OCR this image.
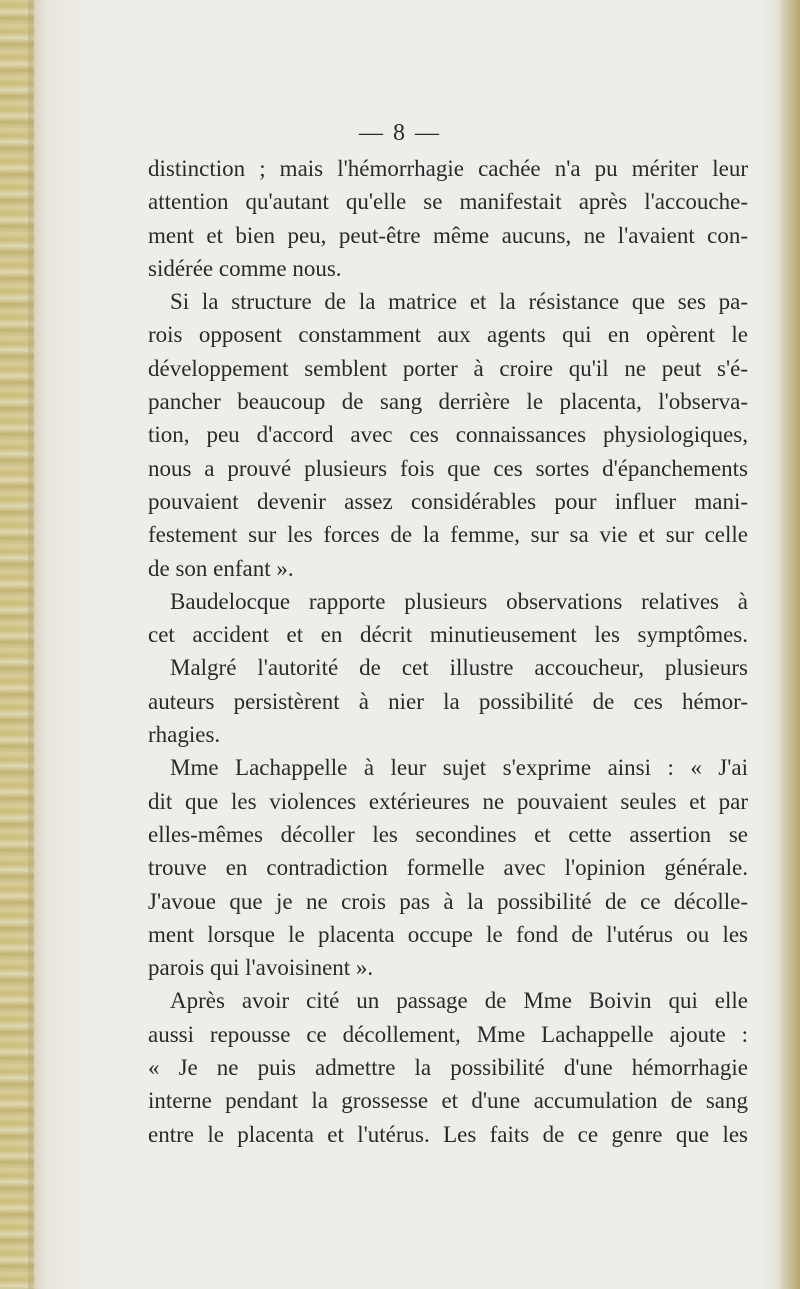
— 8 —
distinction ; mais l'hémorrhagie cachée n'a pu mériter leur
attention qu'autant qu'elle se manifestait après l'accouche-
ment et bien peu, peut-être même aucuns, ne l'avaient con-
sidérée comme nous.
Si la structure de la matrice et la résistance que ses pa-
rois opposent constamment aux agents qui en opèrent le
développement semblent porter à croire qu'il ne peut s'é-
pancher beaucoup de sang derrière le placenta, l'observa-
tion, peu d'accord avec ces connaissances physiologiques,
nous a prouvé plusieurs fois que ces sortes d'épanchements
pouvaient devenir assez considérables pour influer mani-
festement sur les forces de la femme, sur sa vie et sur celle
de son enfant ».
Baudelocque rapporte plusieurs observations relatives à
cet accident et en décrit minutieusement les symptômes.
Malgré l'autorité de cet illustre accoucheur, plusieurs
auteurs persistèrent à nier la possibilité de ces hémor-
rhagies.
Mme Lachappelle à leur sujet s'exprime ainsi : « J'ai
dit que les violences extérieures ne pouvaient seules et par
elles-mêmes décoller les secondines et cette assertion se
trouve en contradiction formelle avec l'opinion générale.
J'avoue que je ne crois pas à la possibilité de ce décolle-
ment lorsque le placenta occupe le fond de l'utérus ou les
parois qui l'avoisinent ».
Après avoir cité un passage de Mme Boivin qui elle
aussi repousse ce décollement, Mme Lachappelle ajoute :
« Je ne puis admettre la possibilité d'une hémorrhagie
interne pendant la grossesse et d'une accumulation de sang
entre le placenta et l'utérus. Les faits de ce genre que les
